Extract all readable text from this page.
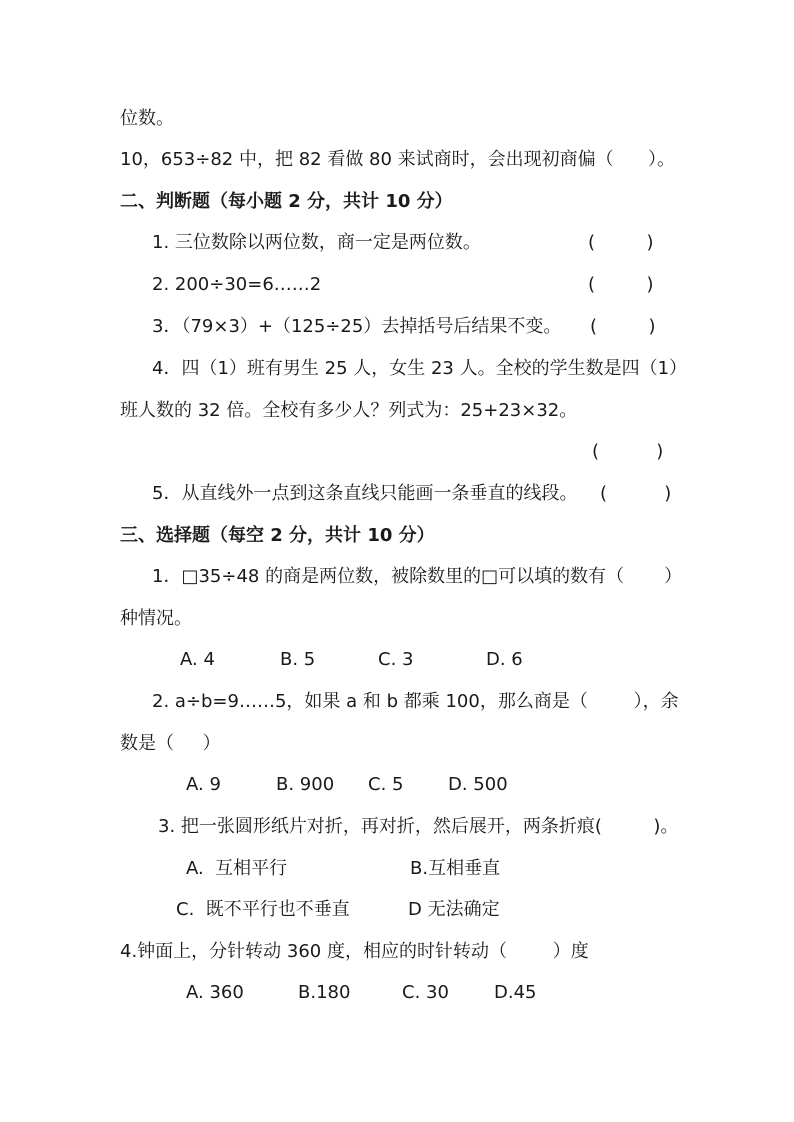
位数。
10，653÷82 中，把 82 看做 80 来试商时，会出现初商偏（      ）。
二、判断题（每小题 2 分，共计 10 分）
1. 三位数除以两位数，商一定是两位数。	(         )
2. 200÷30=6……2	(         )
3．（79×3）+（125÷25）去掉括号后结果不变。 (         )
4．四（1）班有男生 25 人，女生 23 人。全校的学生数是四（1）
班人数的 32 倍。全校有多少人？列式为：25+23×32。
(          )
5．从直线外一点到这条直线只能画一条垂直的线段。 (          )
三、选择题（每空 2 分，共计 10 分）
1．□35÷48 的商是两位数，被除数里的□可以填的数有（       ）
种情况。
A. 4	B. 5	C. 3	D. 6
2. a÷b=9……5，如果 a 和 b 都乘 100，那么商是（        ），余
数是（     ）
A. 9	B. 900 C. 5 D. 500
3. 把一张圆形纸片对折，再对折，然后展开，两条折痕(         )。
A.  互相平行	B.互相垂直
C.  既不平行也不垂直	D 无法确定
4.钟面上，分针转动 360 度，相应的时针转动（        ）度
A. 360	B.180	C. 30	D.45
